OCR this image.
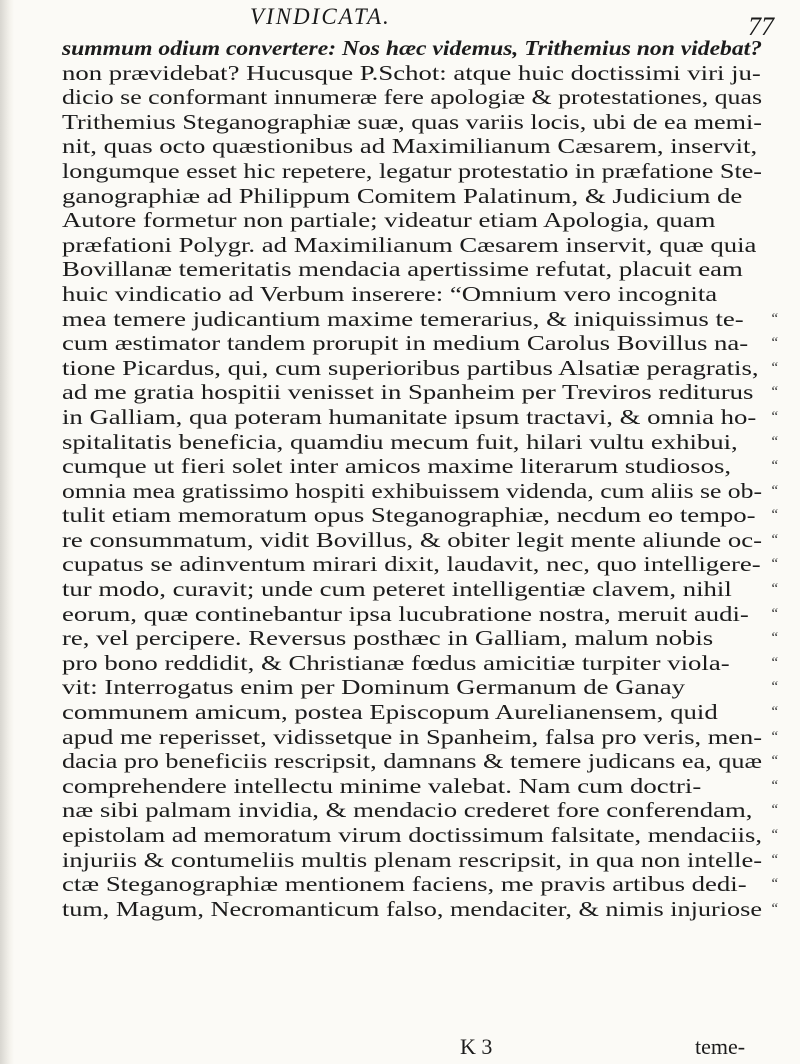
VINDICATA.	77
summum odium convertere: Nos hæc videmus, Trithemius non videbat?
non prævidebat? Hucusque P.Schot: atque huic doctissimi viri ju-
dicio se conformant innumeræ fere apologiæ & protestationes, quas
Trithemius Steganographiæ suæ, quas variis locis, ubi de ea memi-
nit, quas octo quæstionibus ad Maximilianum Cæsarem, inservit,
longumque esset hic repetere, legatur protestatio in præfatione Ste-
ganographiæ ad Philippum Comitem Palatinum, & Judicium de
Autore formetur non partiale; videatur etiam Apologia, quam
præfationi Polygr. ad Maximilianum Cæsarem inservit, quæ quia
Bovillanæ temeritatis mendacia apertissime refutat, placuit eam
huic vindicatio ad Verbum inserere: “Omnium vero incognita
mea temere judicantium maxime temerarius, & iniquissimus te- “
cum æstimator tandem prorupit in medium Carolus Bovillus na- “
tione Picardus, qui, cum superioribus partibus Alsatiæ peragratis, “
ad me gratia hospitii venisset in Spanheim per Treviros rediturus “
in Galliam, qua poteram humanitate ipsum tractavi, & omnia ho- “
spitalitatis beneficia, quamdiu mecum fuit, hilari vultu exhibui, “
cumque ut fieri solet inter amicos maxime literarum studiosos,	“
omnia mea gratissimo hospiti exhibuissem videnda, cum aliis se ob- “
tulit etiam memoratum opus Steganographiæ, necdum eo tempo- “
re consummatum, vidit Bovillus, & obiter legit mente aliunde oc- “
cupatus se adinventum mirari dixit, laudavit, nec, quo intelligere- “
tur modo, curavit; unde cum peteret intelligentiæ clavem, nihil	“
eorum, quæ continebantur ipsa lucubratione nostra, meruit audi- “
re, vel percipere. Reversus posthæc in Galliam, malum nobis	“
pro bono reddidit, & Christianæ fœdus amicitiæ turpiter viola-	“
vit: Interrogatus enim per Dominum Germanum de Ganay	“
communem amicum, postea Episcopum Aurelianensem, quid	“
apud me reperisset, vidissetque in Spanheim, falsa pro veris, men- “
dacia pro beneficiis rescripsit, damnans & temere judicans ea, quæ “
comprehendere intellectu minime valebat. Nam cum doctri-	“
næ sibi palmam invidia, & mendacio crederet fore conferendam, “
epistolam ad memoratum virum doctissimum falsitate, mendaciis, “
injuriis & contumeliis multis plenam rescripsit, in qua non intelle- “
ctæ Steganographiæ mentionem faciens, me pravis artibus dedi- “
tum, Magum, Necromanticum falso, mendaciter, & nimis injuriose “
K 3	teme-
